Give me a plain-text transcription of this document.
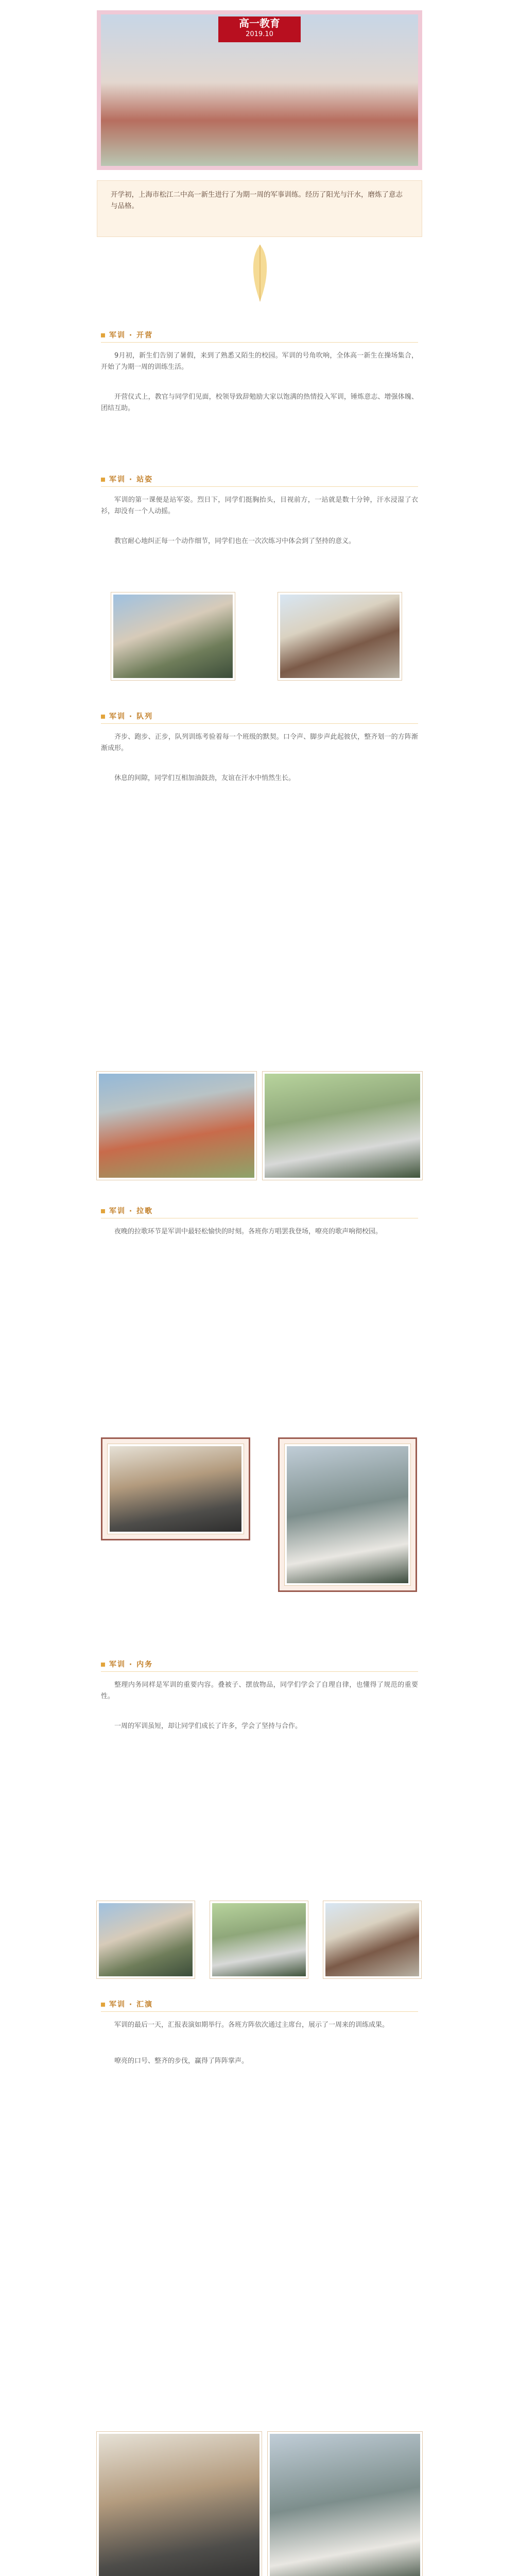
高一教育
2019.10
开学初，上海市松江二中高一新生进行了为期一周的军事训练。经历了阳光与汗水，磨炼了意志与品格。
军训 · 开营
9月初，新生们告别了暑假，来到了熟悉又陌生的校园。军训的号角吹响，全体高一新生在操场集合，开始了为期一周的训练生活。
开营仪式上，教官与同学们见面，校领导致辞勉励大家以饱满的热情投入军训，锤炼意志、增强体魄、团结互助。
军训 · 站姿
军训的第一课便是站军姿。烈日下，同学们挺胸抬头，目视前方，一站就是数十分钟，汗水浸湿了衣衫，却没有一个人动摇。
教官耐心地纠正每一个动作细节，同学们也在一次次练习中体会到了坚持的意义。
军训 · 队列
齐步、跑步、正步，队列训练考验着每一个班级的默契。口令声、脚步声此起彼伏，整齐划一的方阵渐渐成形。
休息的间隙，同学们互相加油鼓劲，友谊在汗水中悄然生长。
军训 · 拉歌
夜晚的拉歌环节是军训中最轻松愉快的时刻。各班你方唱罢我登场，嘹亮的歌声响彻校园。
军训 · 内务
整理内务同样是军训的重要内容。叠被子、摆放物品，同学们学会了自理自律，也懂得了规范的重要性。
一周的军训虽短，却让同学们成长了许多，学会了坚持与合作。
军训 · 汇演
军训的最后一天，汇报表演如期举行。各班方阵依次通过主席台，展示了一周来的训练成果。
嘹亮的口号、整齐的步伐，赢得了阵阵掌声。
